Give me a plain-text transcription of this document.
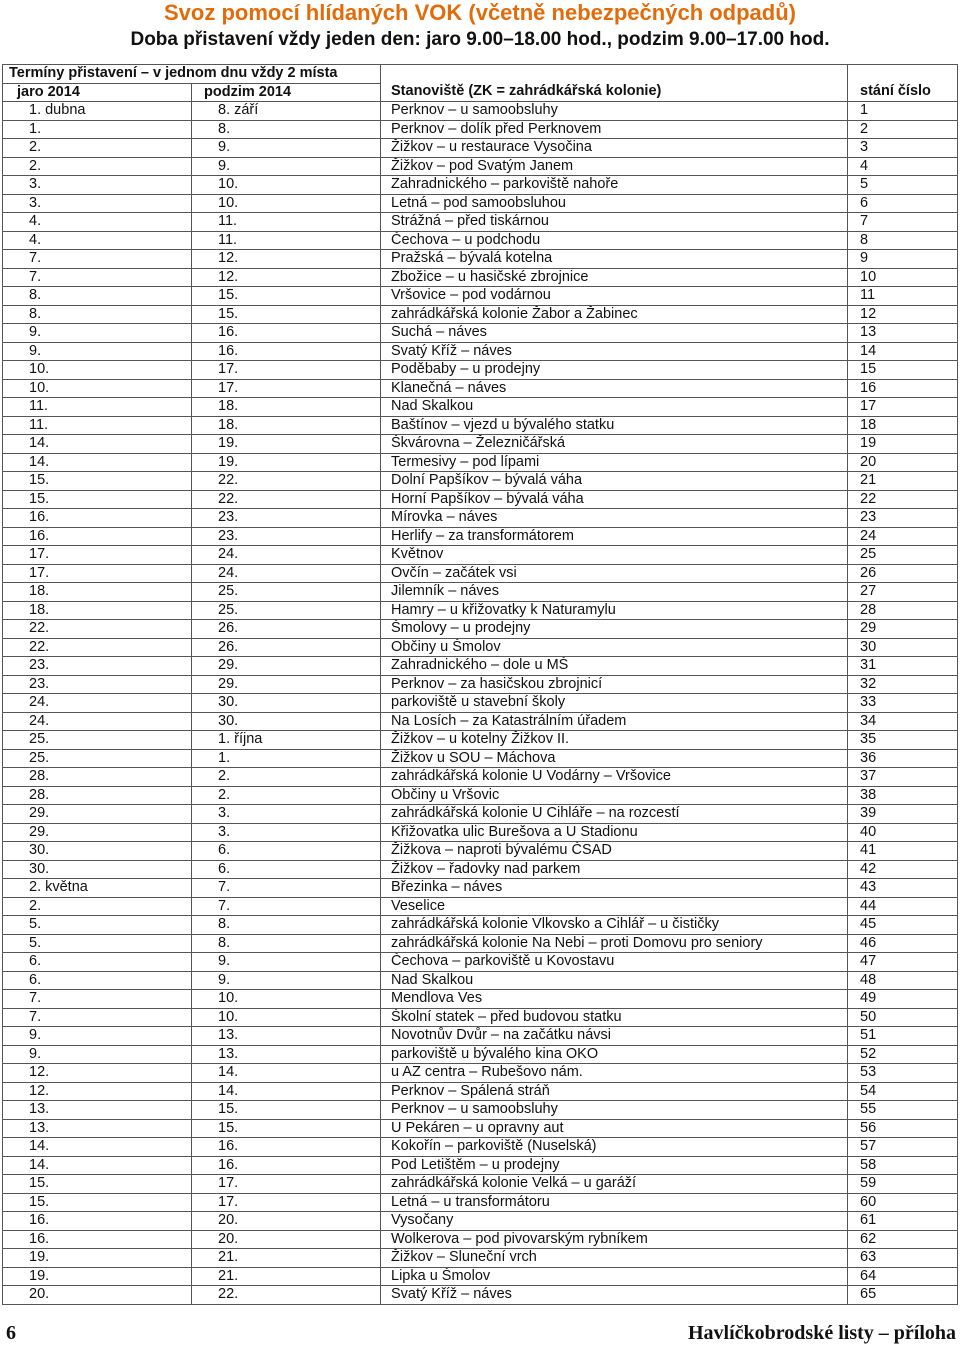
Svoz pomocí hlídaných VOK (včetně nebezpečných odpadů)
Doba přistavení vždy jeden den: jaro 9.00–18.00 hod., podzim 9.00–17.00 hod.
Termíny přistavení – v jednom dnu vždy 2 místa		Stanoviště (ZK = zahrádkářská kolonie)	stání číslo
jaro 2014	podzim 2014		
1. dubna	8. září	Perknov – u samoobsluhy	1
1.	8.	Perknov – dolík před Perknovem	2
2.	9.	Žižkov – u restaurace Vysočina	3
2.	9.	Žižkov – pod Svatým Janem	4
3.	10.	Zahradnického – parkoviště nahoře	5
3.	10.	Letná – pod samoobsluhou	6
4.	11.	Strážná – před tiskárnou	7
4.	11.	Čechova – u podchodu	8
7.	12.	Pražská – bývalá kotelna	9
7.	12.	Zbožice – u hasičské zbrojnice	10
8.	15.	Vršovice – pod vodárnou	11
8.	15.	zahrádkářská kolonie Žabor a Žabinec	12
9.	16.	Suchá – náves	13
9.	16.	Svatý Kříž – náves	14
10.	17.	Poděbaby – u prodejny	15
10.	17.	Klanečná – náves	16
11.	18.	Nad Skalkou	17
11.	18.	Baštínov – vjezd u bývalého statku	18
14.	19.	Škvárovna – Železničářská	19
14.	19.	Termesivy – pod lípami	20
15.	22.	Dolní Papšíkov – bývalá váha	21
15.	22.	Horní Papšíkov – bývalá váha	22
16.	23.	Mírovka – náves	23
16.	23.	Herlify – za transformátorem	24
17.	24.	Květnov	25
17.	24.	Ovčín – začátek vsi	26
18.	25.	Jilemník – náves	27
18.	25.	Hamry – u křižovatky k Naturamylu	28
22.	26.	Šmolovy – u prodejny	29
22.	26.	Občiny u Šmolov	30
23.	29.	Zahradnického – dole u MŠ	31
23.	29.	Perknov – za hasičskou zbrojnicí	32
24.	30.	parkoviště u stavební školy	33
24.	30.	Na Losích – za Katastrálním úřadem	34
25.	1. října	Žižkov – u kotelny Žižkov II.	35
25.	1.	Žižkov u SOU – Máchova	36
28.	2.	zahrádkářská kolonie U Vodárny – Vršovice	37
28.	2.	Občiny u Vršovic	38
29.	3.	zahrádkářská kolonie U Cihláře – na rozcestí	39
29.	3.	Křižovatka ulic Burešova a U Stadionu	40
30.	6.	Žižkova – naproti bývalému ČSAD	41
30.	6.	Žižkov – řadovky nad parkem	42
2. května	7.	Březinka – náves	43
2.	7.	Veselice	44
5.	8.	zahrádkářská kolonie Vlkovsko a Cihlář – u čističky	45
5.	8.	zahrádkářská kolonie Na Nebi – proti Domovu pro seniory	46
6.	9.	Čechova – parkoviště u Kovostavu	47
6.	9.	Nad Skalkou	48
7.	10.	Mendlova Ves	49
7.	10.	Školní statek – před budovou statku	50
9.	13.	Novotnův Dvůr – na začátku návsi	51
9.	13.	parkoviště u bývalého kina OKO	52
12.	14.	u AZ centra – Rubešovo nám.	53
12.	14.	Perknov – Spálená stráň	54
13.	15.	Perknov – u samoobsluhy	55
13.	15.	U Pekáren – u opravny aut	56
14.	16.	Kokořín – parkoviště (Nuselská)	57
14.	16.	Pod Letištěm – u prodejny	58
15.	17.	zahrádkářská kolonie Velká – u garáží	59
15.	17.	Letná – u transformátoru	60
16.	20.	Vysočany	61
16.	20.	Wolkerova – pod pivovarským rybníkem	62
19.	21.	Žižkov – Sluneční vrch	63
19.	21.	Lipka u Šmolov	64
20.	22.	Svatý Kříž – náves	65
6	Havlíčkobrodské listy – příloha
